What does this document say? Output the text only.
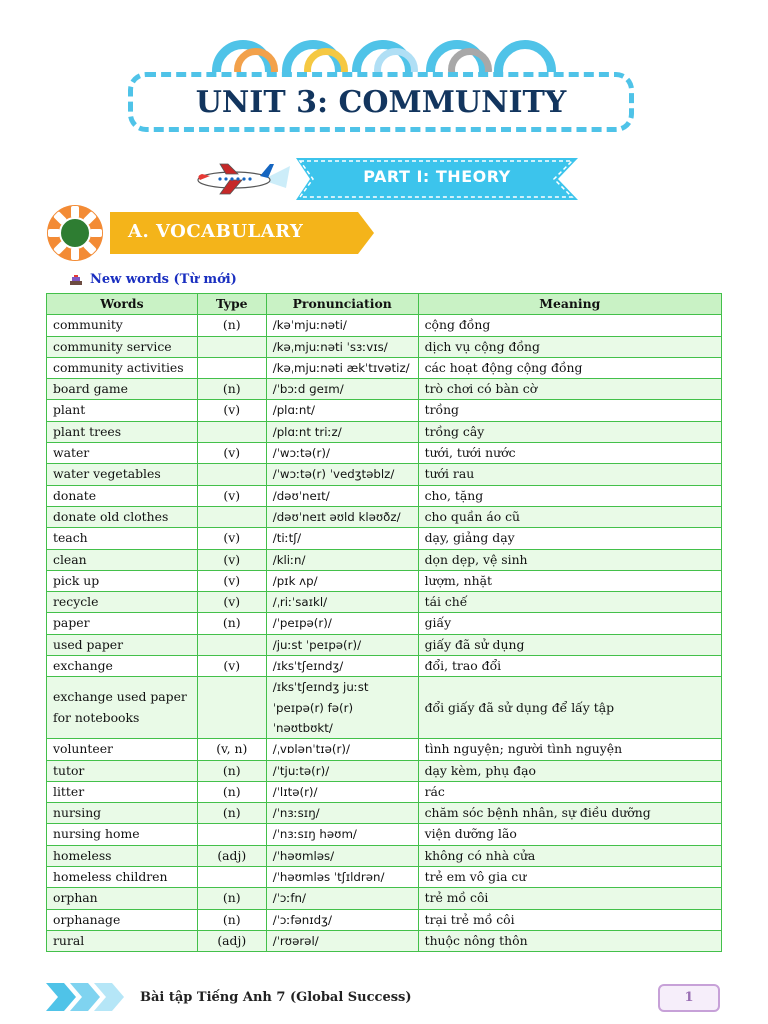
UNIT 3: COMMUNITY
PART I: THEORY
A. VOCABULARY
New words (Từ mới)
Words	Type	Pronunciation	Meaning
community	(n)	/kəˈmjuːnəti/	cộng đồng
community service		/kəˌmjuːnəti ˈsɜːvɪs/	dịch vụ cộng đồng
community activities		/kəˌmjuːnəti ækˈtɪvətiz/	các hoạt động cộng đồng
board game	(n)	/ˈbɔːd ɡeɪm/	trò chơi có bàn cờ
plant	(v)	/plɑːnt/	trồng
plant trees		/plɑːnt triːz/	trồng cây
water	(v)	/ˈwɔːtə(r)/	tưới, tưới nước
water vegetables		/ˈwɔːtə(r) ˈvedʒtəblz/	tưới rau
donate	(v)	/dəʊˈneɪt/	cho, tặng
donate old clothes		/dəʊˈneɪt əʊld kləʊðz/	cho quần áo cũ
teach	(v)	/tiːtʃ/	dạy, giảng dạy
clean	(v)	/kliːn/	dọn dẹp, vệ sinh
pick up	(v)	/pɪk ʌp/	lượm, nhặt
recycle	(v)	/ˌriːˈsaɪkl/	tái chế
paper	(n)	/ˈpeɪpə(r)/	giấy
used paper		/juːst ˈpeɪpə(r)/	giấy đã sử dụng
exchange	(v)	/ɪksˈtʃeɪndʒ/	đổi, trao đổi
exchange used paper for notebooks		/ɪksˈtʃeɪndʒ juːst ˈpeɪpə(r) fə(r) ˈnəʊtbʊkt/	đổi giấy đã sử dụng để lấy tập
volunteer	(v, n)	/ˌvɒlənˈtɪə(r)/	tình nguyện; người tình nguyện
tutor	(n)	/ˈtjuːtə(r)/	dạy kèm, phụ đạo
litter	(n)	/ˈlɪtə(r)/	rác
nursing	(n)	/ˈnɜːsɪŋ/	chăm sóc bệnh nhân, sự điều dưỡng
nursing home		/ˈnɜːsɪŋ həʊm/	viện dưỡng lão
homeless	(adj)	/ˈhəʊmləs/	không có nhà cửa
homeless children		/ˈhəʊmləs ˈtʃɪldrən/	trẻ em vô gia cư
orphan	(n)	/ˈɔːfn/	trẻ mồ côi
orphanage	(n)	/ˈɔːfənɪdʒ/	trại trẻ mồ côi
rural	(adj)	/ˈrʊərəl/	thuộc nông thôn
Bài tập Tiếng Anh 7 (Global Success)	1
